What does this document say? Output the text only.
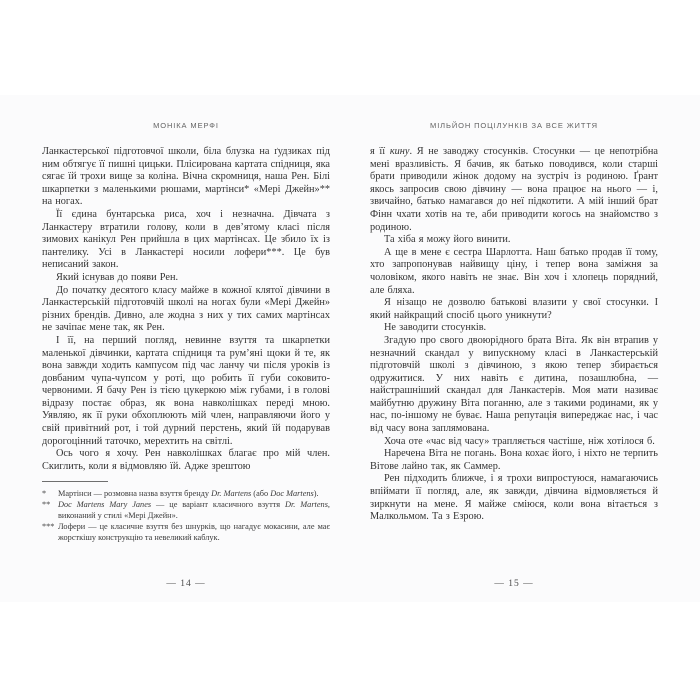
МОНІКА МЕРФІ

Ланкастерської підготовчої школи, біла блузка на ґудзиках під ним обтягує її пишні цицьки. Плісирована картата спідниця, яка сягає їй трохи вище за коліна. Вічна скромниця, наша Рен. Білі шкарпетки з маленькими рюшами, мартінси* «Мері Джейн»** на ногах.

Її єдина бунтарська риса, хоч і незначна. Дівчата з Ланкастеру втратили голову, коли в дев’ятому класі після зимових канікул Рен прийшла в цих мартінсах. Це збило їх із пантелику. Усі в Ланкастері носили лофери***. Це був неписаний закон.

Який існував до появи Рен.

До початку десятого класу майже в кожної клятої дівчини в Ланкастерській підготовчій школі на ногах були «Мері Джейн» різних брендів. Дивно, але жодна з них у тих самих мартінсах не зачіпає мене так, як Рен.

І її, на перший погляд, невинне взуття та шкарпетки маленької дівчинки, картата спідниця та рум’яні щоки й те, як вона завжди ходить кампусом під час ланчу чи після уроків із довбаним чупа-чупсом у роті, що робить її губи соковито-червоними. Я бачу Рен із тією цукеркою між губами, і в голові відразу постає образ, як вона навколішках переді мною. Уявляю, як її руки обхоплюють мій член, направляючи його у свій привітний рот, і той дурний перстень, який їй подарував дорогоцінний таточко, мерехтить на світлі.

Ось чого я хочу. Рен навколішках благає про мій член. Скиглить, коли я відмовляю їй. Адже зрештою

*	Мартінси — розмовна назва взуття бренду Dr. Martens (або Doc Martens).
** Doc Martens Mary Janes — це варіант класичного взуття Dr. Martens, виконаний у стилі «Мері Джейн».
*** Лофери — це класичне взуття без шнурків, що нагадує мокасини, але має жорсткішу конструкцію та невеликий каблук.
— 14 —
МІЛЬЙОН ПОЦІЛУНКІВ ЗА ВСЕ ЖИТТЯ

я її кину. Я не заводжу стосунків. Стосунки — це непотрібна мені вразливість. Я бачив, як батько поводився, коли старші брати приводили жінок додому на зустріч із родиною. Ґрант якось запросив свою дівчину — вона працює на нього — і, звичайно, батько намагався до неї підкотити. А мій інший брат Фінн чхати хотів на те, аби приводити когось на знайомство з родиною.

Та хіба я можу його винити.

А ще в мене є сестра Шарлотта. Наш батько продав її тому, хто запропонував найвищу ціну, і тепер вона заміжня за чоловіком, якого навіть не знає. Він хоч і хлопець порядний, але бляха.

Я нізащо не дозволю батькові влазити у свої стосунки. І який найкращий спосіб цього уникнути?

Не заводити стосунків.

Згадую про свого двоюрідного брата Віта. Як він втрапив у незначний скандал у випускному класі в Ланкастерській підготовчій школі з дівчиною, з якою тепер збирається одружитися. У них навіть є дитина, позашлюбна, — найстрашніший скандал для Ланкастерів. Моя мати називає майбутню дружину Віта поганню, але з такими родинами, як у нас, по-іншому не буває. Наша репутація випереджає нас, і час від часу вона заплямована.

Хоча оте «час від часу» трапляється частіше, ніж хотілося б.

Наречена Віта не погань. Вона кохає його, і ніхто не терпить Вітове лайно так, як Саммер.

Рен підходить ближче, і я трохи випростуюся, намагаючись впіймати її погляд, але, як завжди, дівчина відмовляється й зиркнути на мене. Я майже сміюся, коли вона вітається з Малкольмом. Та з Езрою.

— 15 —
